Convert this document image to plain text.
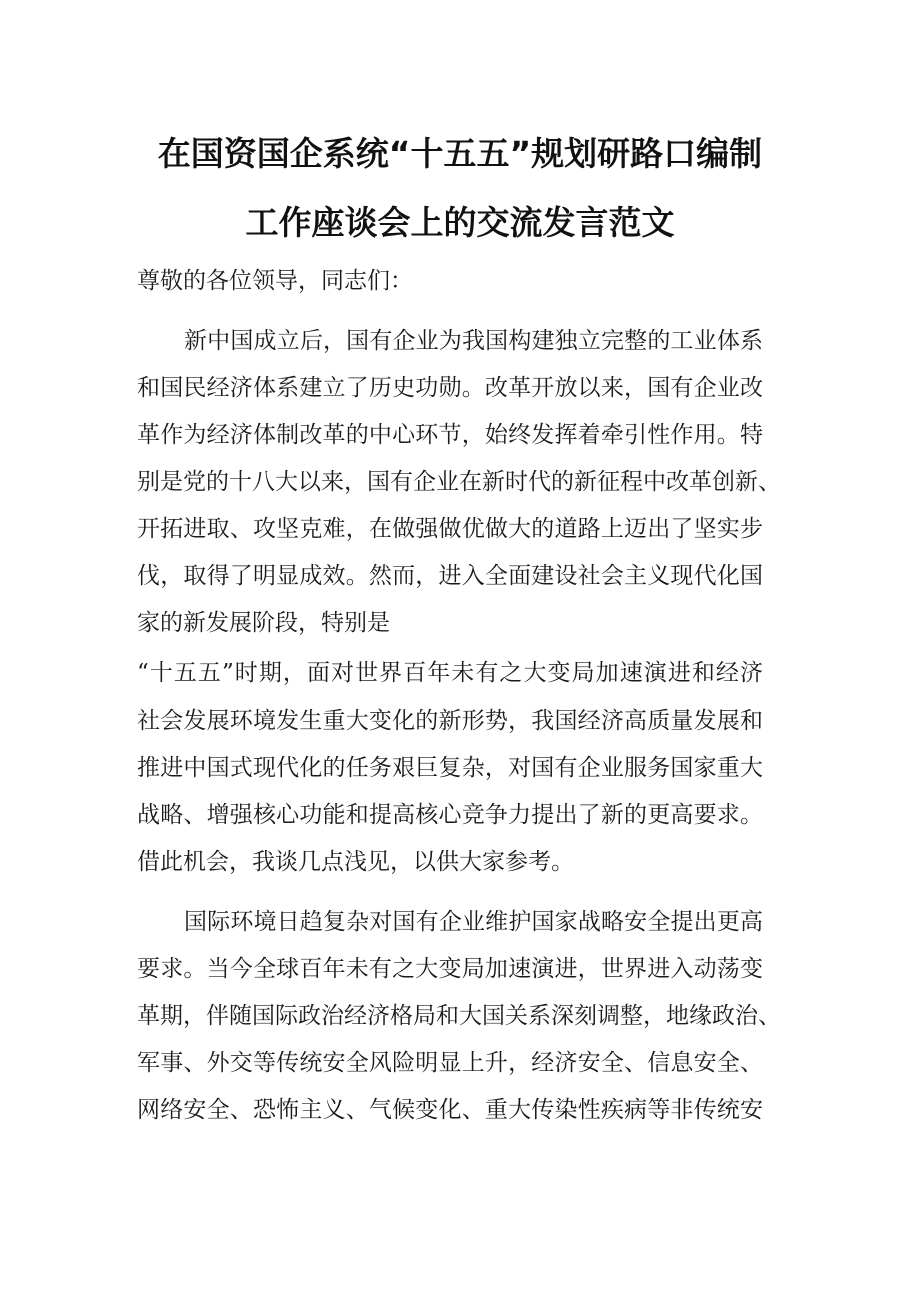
在国资国企系统“十五五”规划研路口编制
工作座谈会上的交流发言范文

尊敬的各位领导，同志们：

新中国成立后，国有企业为我国构建独立完整的工业体系

和国民经济体系建立了历史功勋。改革开放以来，国有企业改

革作为经济体制改革的中心环节，始终发挥着牵引性作用。特

别是党的十八大以来，国有企业在新时代的新征程中改革创新、

开拓进取、攻坚克难，在做强做优做大的道路上迈出了坚实步

伐，取得了明显成效。然而，进入全面建设社会主义现代化国

家的新发展阶段，特别是

“十五五”时期，面对世界百年未有之大变局加速演进和经济

社会发展环境发生重大变化的新形势，我国经济高质量发展和

推进中国式现代化的任务艰巨复杂，对国有企业服务国家重大

战略、增强核心功能和提高核心竞争力提出了新的更高要求。

借此机会，我谈几点浅见，以供大家参考。

国际环境日趋复杂对国有企业维护国家战略安全提出更高

要求。当今全球百年未有之大变局加速演进，世界进入动荡变

革期，伴随国际政治经济格局和大国关系深刻调整，地缘政治、

军事、外交等传统安全风险明显上升，经济安全、信息安全、

网络安全、恐怖主义、气候变化、重大传染性疾病等非传统安
